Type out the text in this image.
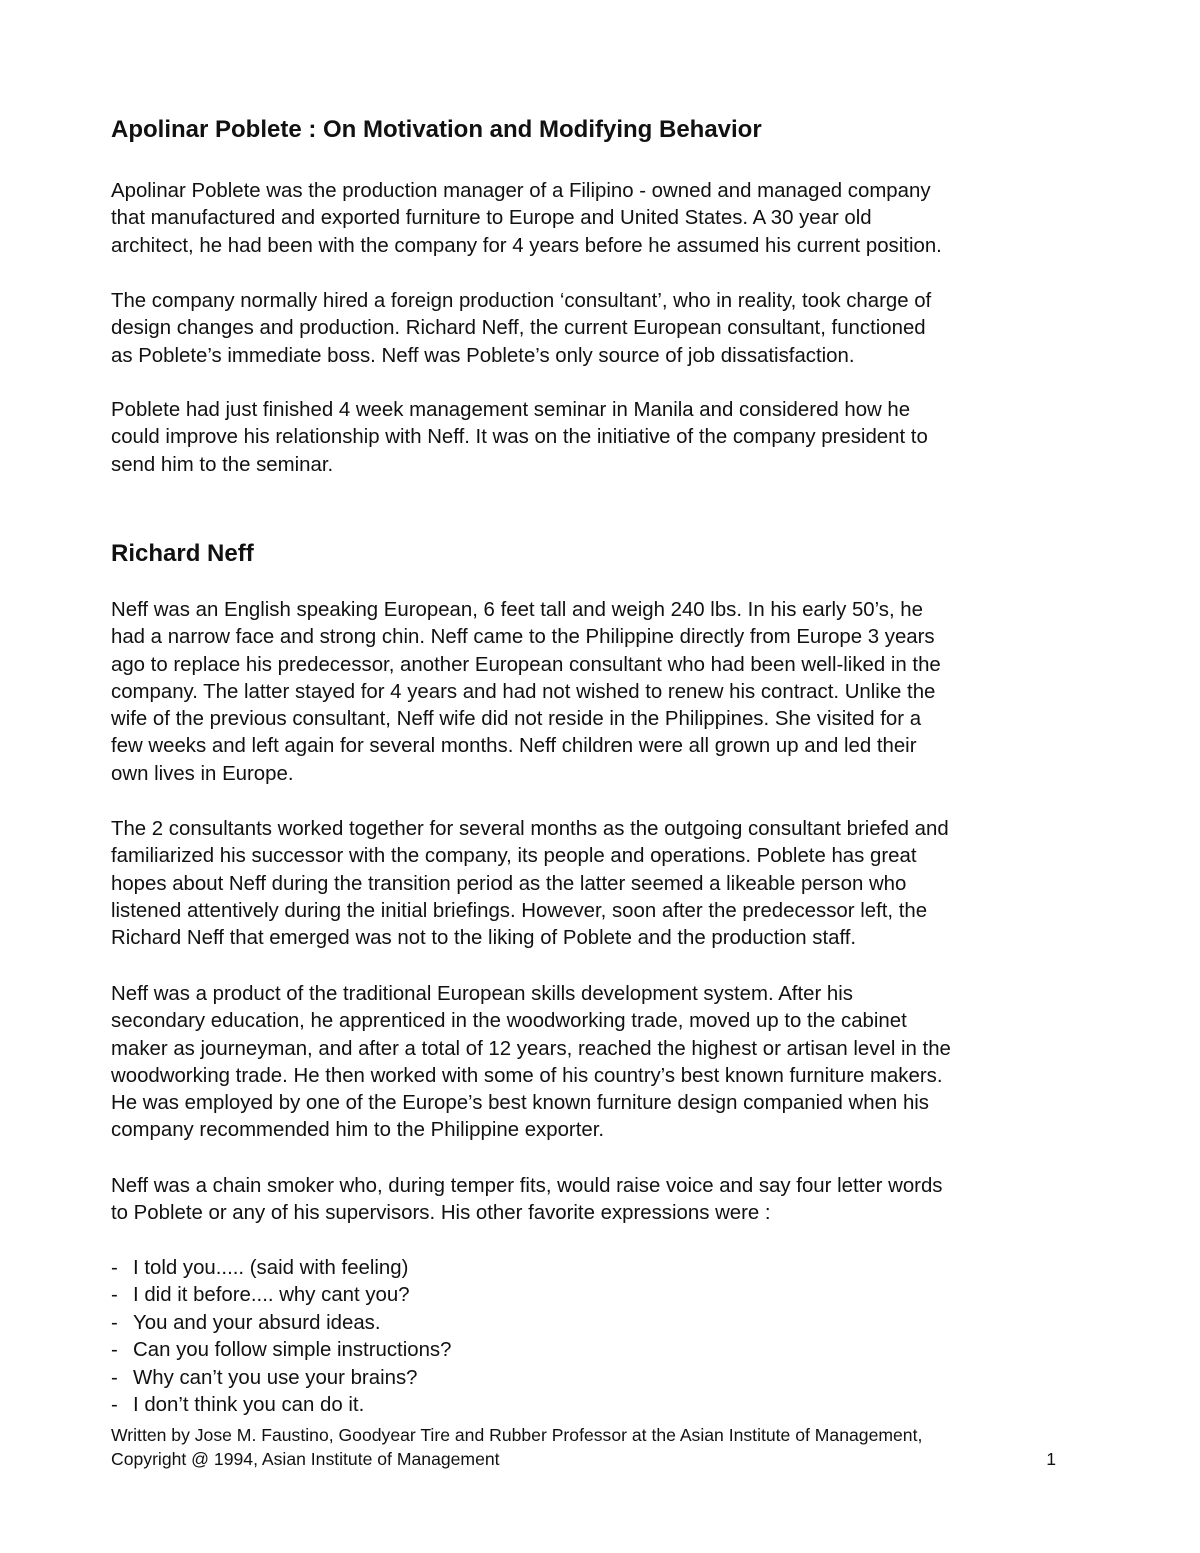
Apolinar Poblete : On Motivation and Modifying Behavior

Apolinar Poblete was the production manager of a Filipino - owned and managed company
that manufactured and exported furniture to Europe and United States. A 30 year old
architect, he had been with the company for 4 years before he assumed his current position.

The company normally hired a foreign production ‘consultant’, who in reality, took charge of
design changes and production. Richard Neff, the current European consultant, functioned
as Poblete’s immediate boss. Neff was Poblete’s only source of job dissatisfaction.

Poblete had just finished 4 week management seminar in Manila and considered how he
could improve his relationship with Neff. It was on the initiative of the company president to
send him to the seminar.

Richard Neff

Neff was an English speaking European, 6 feet tall and weigh 240 lbs. In his early 50’s, he
had a narrow face and strong chin. Neff came to the Philippine directly from Europe 3 years
ago to replace his predecessor, another European consultant who had been well-liked in the
company. The latter stayed for 4 years and had not wished to renew his contract. Unlike the
wife of the previous consultant, Neff wife did not reside in the Philippines. She visited for a
few weeks and left again for several months. Neff children were all grown up and led their
own lives in Europe.

The 2 consultants worked together for several months as the outgoing consultant briefed and
familiarized his successor with the company, its people and operations. Poblete has great
hopes about Neff during the transition period as the latter seemed a likeable person who
listened attentively during the initial briefings. However, soon after the predecessor left, the
Richard Neff that emerged was not to the liking of Poblete and the production staff.

Neff was a product of the traditional European skills development system. After his
secondary education, he apprenticed in the woodworking trade, moved up to the cabinet
maker as journeyman, and after a total of 12 years, reached the highest or artisan level in the
woodworking trade. He then worked with some of his country’s best known furniture makers.
He was employed by one of the Europe’s best known furniture design companied when his
company recommended him to the Philippine exporter.

Neff was a chain smoker who, during temper fits, would raise voice and say four letter words
to Poblete or any of his supervisors. His other favorite expressions were :

- I told you..... (said with feeling)
- I did it before.... why cant you?
- You and your absurd ideas.
- Can you follow simple instructions?
- Why can’t you use your brains?
- I don’t think you can do it.
Written by Jose M. Faustino, Goodyear Tire and Rubber Professor at the Asian Institute of Management,
Copyright @ 1994, Asian Institute of Management	1
